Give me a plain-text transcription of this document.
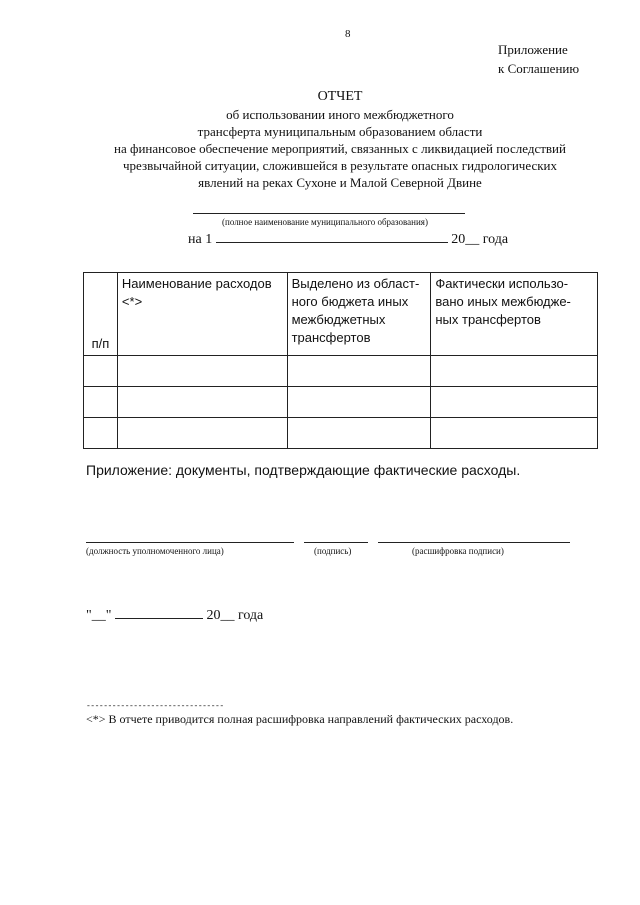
8
Приложение
к Соглашению
ОТЧЕТ
об использовании иного межбюджетного
трансферта муниципальным образованием области
на финансовое обеспечение мероприятий, связанных с ликвидацией последствий
чрезвычайной ситуации, сложившейся в результате опасных гидрологических
явлений на реках Сухоне и Малой Северной Двине
(полное наименование муниципального образования)
на 1	20__ года
п/п	Наименование расходов <*>	Выделено из област-ного бюджета иных межбюджетных трансфертов	Фактически использо-вано иных межбюдже-ных трансфертов

Приложение: документы, подтверждающие фактические расходы.
(должность уполномоченного лица)	(подпись)	(расшифровка подписи)
"__"	20__ года
--------------------------------
<*> В отчете приводится полная расшифровка направлений фактических расходов.
